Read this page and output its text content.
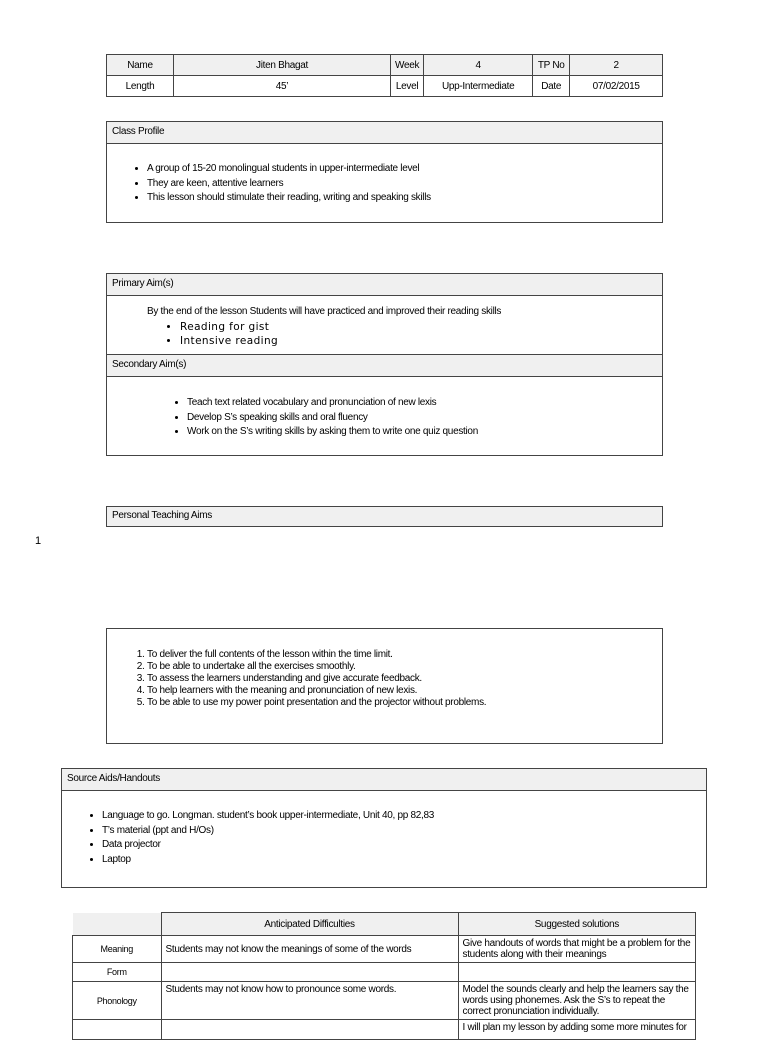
Name	Jiten Bhagat	Week	4	TP No	2
Length	45’	Level	Upp-Intermediate	Date	07/02/2015
Class Profile
• A group of 15-20 monolingual students in upper-intermediate level
• They are keen, attentive learners
• This lesson should stimulate their reading, writing and speaking skills
Primary Aim(s)
By the end of the lesson Students will have practiced and improved their reading skills
• Reading for gist
• Intensive reading
Secondary Aim(s)
• Teach text related vocabulary and pronunciation of new lexis
• Develop S’s speaking skills and oral fluency
• Work on the S’s writing skills by asking them to write one quiz question
Personal Teaching Aims
1
1. To deliver the full contents of the lesson within the time limit.
2. To be able to undertake all the exercises smoothly.
3. To assess the learners understanding and give accurate feedback.
4. To help learners with the meaning and pronunciation of new lexis.
5. To be able to use my power point presentation and the projector without problems.
Source Aids/Handouts
• Language to go. Longman. student’s book upper-intermediate, Unit 40, pp 82,83
• T’s material (ppt and H/Os)
• Data projector
• Laptop
	Anticipated Difficulties	Suggested solutions
Meaning	Students may not know the meanings of some of the words	Give handouts of words that might be a problem for the students along with their meanings
Form		
Phonology	Students may not know how to pronounce some words.	Model the sounds clearly and help the learners say the words using phonemes. Ask the S’s to repeat the correct pronunciation individually.
		I will plan my lesson by adding some more minutes for
